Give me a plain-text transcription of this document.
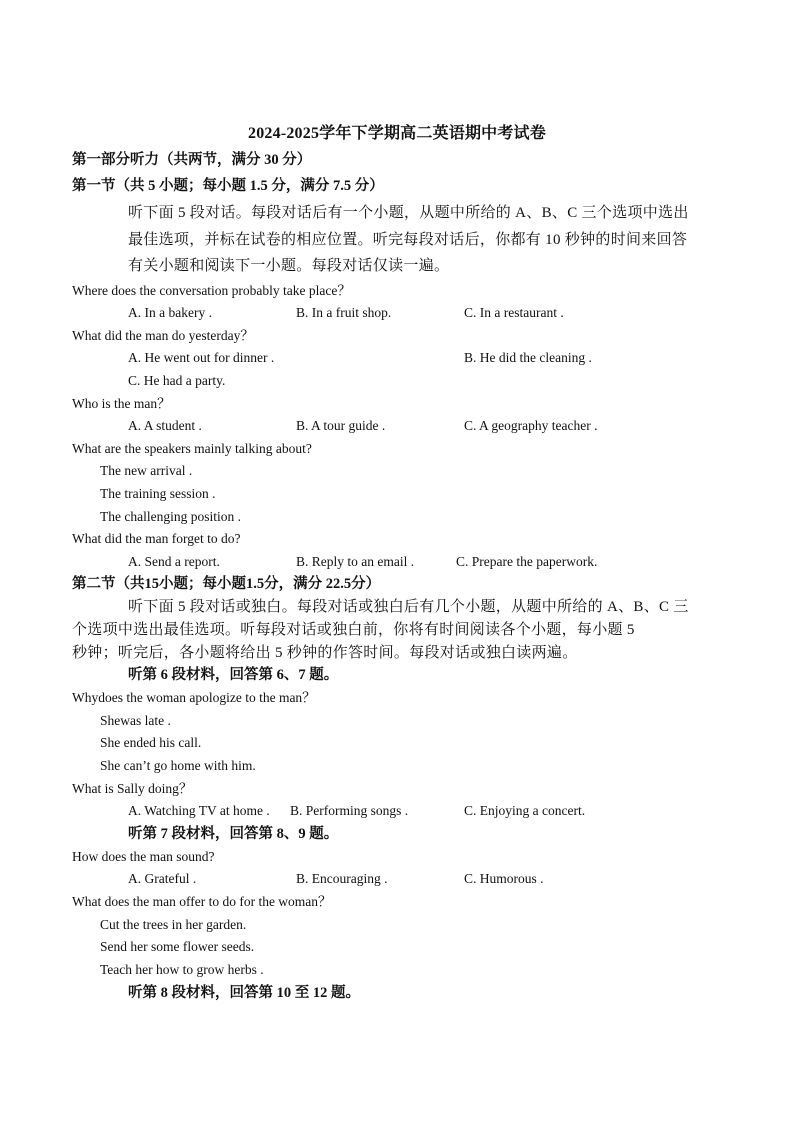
2024-2025学年下学期高二英语期中考试卷
第一部分听力（共两节，满分 30 分）
第一节（共 5 小题；每小题 1.5 分，满分 7.5 分）
听下面 5 段对话。每段对话后有一个小题，从题中所给的 A、B、C 三个选项中选出
最佳选项，并标在试卷的相应位置。听完每段对话后，你都有 10 秒钟的时间来回答
有关小题和阅读下一小题。每段对话仅读一遍。
Where does the conversation probably take place？
A. In a bakery .	B. In a fruit shop.	C. In a restaurant .
What did the man do yesterday？
A. He went out for dinner .	B. He did the cleaning .
C. He had a party.
Who is the man？
A. A student .	B. A tour guide .	C. A geography teacher .
What are the speakers mainly talking about?
The new arrival .
The training session .
The challenging position .
What did the man forget to do?
A. Send a report.	B. Reply to an email .	C. Prepare the paperwork.
第二节（共15小题；每小题1.5分，满分 22.5分）
听下面 5 段对话或独白。每段对话或独白后有几个小题，从题中所给的 A、B、C 三
个选项中选出最佳选项。听每段对话或独白前，你将有时间阅读各个小题，每小题 5
秒钟；听完后，各小题将给出 5 秒钟的作答时间。每段对话或独白读两遍。
听第 6 段材料，回答第 6、7 题。
Whydoes the woman apologize to the man？
Shewas late .
She ended his call.
She can’t go home with him.
What is Sally doing？
A. Watching TV at home . B. Performing songs .	C. Enjoying a concert.
听第 7 段材料，回答第 8、9 题。
How does the man sound?
A. Grateful .	B. Encouraging .	C. Humorous .
What does the man offer to do for the woman？
Cut the trees in her garden.
Send her some flower seeds.
Teach her how to grow herbs .
听第 8 段材料，回答第 10 至 12 题。
